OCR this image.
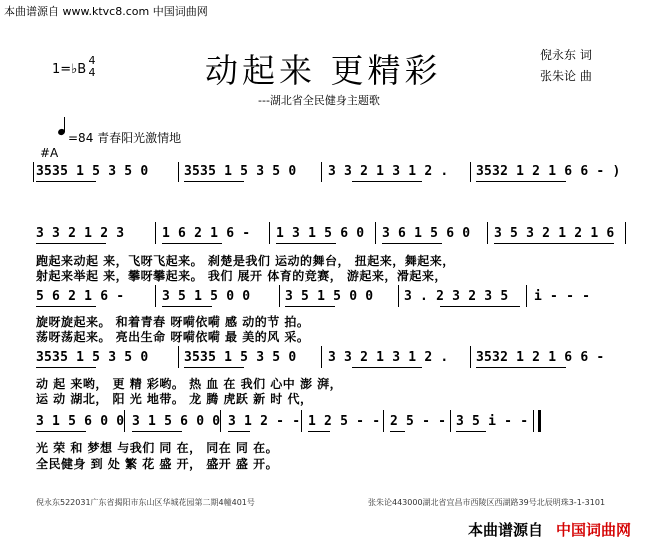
本曲谱源自 www.ktvc8.com 中国词曲网
1=♭B
4
4	动起来 更精彩
---湖北省全民健身主题歌
倪永东 词
张朱论 曲
=84 青春阳光激情地
#A
3535 1 5 3 5 0	3535 1 5 3 5 0 3 3 2 1 3 1 2 . 3532 1 2 1 6 6 - )
3 3 2 1 2 3	1 6 2 1 6 - 1 3 1 5 6 0 3 6 1 5 6 0 3 5 3 2 1 2 1 6
跑起来动起 来，飞呀飞起来。 刹楚是我们 运动的舞台， 扭起来，舞起来，
射起来举起 来，攀呀攀起来。 我们 展开 体育的竞赛， 游起来，滑起来，
5 6 2 1 6 -	3 5 1 5 0 0	3 5 1 5 0 0 3 . 2 3 2 3 5 i - - -
旋呀旋起来。 和着青春 呀嗬依嗬 感 动的节 拍。
荡呀荡起来。 亮出生命 呀嗬依嗬 最 美的风 采。
3535 1 5 3 5 0	3535 1 5 3 5 0 3 3 2 1 3 1 2 . 3532 1 2 1 6 6 -
动 起 来哟， 更 精 彩哟。 热 血 在 我们 心中 澎 湃，
运 动 湖北， 阳 光 地带。 龙 腾 虎跃 新 时 代，
3 1 5 6 0 0 3 1 5 6 0 0 3 1 2 - - 1 2 5 - - 2 5 - - 3 5 i - -
光 荣 和 梦想 与我们 同 在， 同在 同 在。
全民健身 到 处 繁 花 盛 开， 盛开 盛 开。
倪永东522031广东省揭阳市东山区华城花园第二期4幢401号	张朱论443000湖北省宜昌市西陵区西湖路39号北辰明珠3-1-3101
本曲谱源自 中国词曲网
